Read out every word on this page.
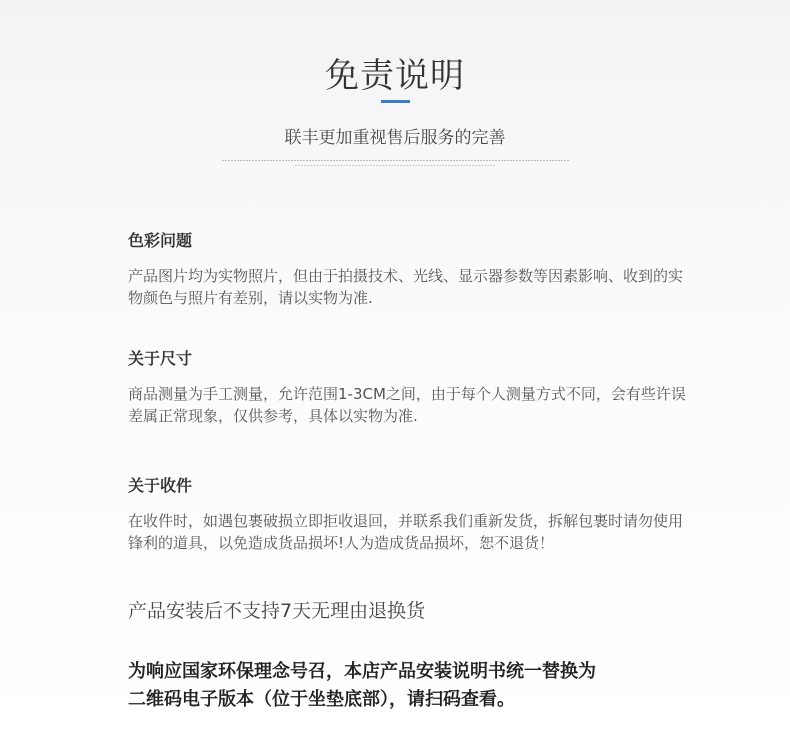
免责说明
联丰更加重视售后服务的完善
色彩问题
产品图片均为实物照片，但由于拍摄技术、光线、显示器参数等因素影响、收到的实物颜色与照片有差别，请以实物为准.
关于尺寸
商品测量为手工测量，允许范围1-3CM之间，由于每个人测量方式不同，会有些许误差属正常现象，仅供参考，具体以实物为准.
关于收件
在收件时，如遇包裹破损立即拒收退回，并联系我们重新发货，拆解包裹时请勿使用锋利的道具，以免造成货品损坏!人为造成货品损坏，恕不退货！
产品安装后不支持7天无理由退换货
为响应国家环保理念号召，本店产品安装说明书统一替换为
二维码电子版本（位于坐垫底部），请扫码查看。
